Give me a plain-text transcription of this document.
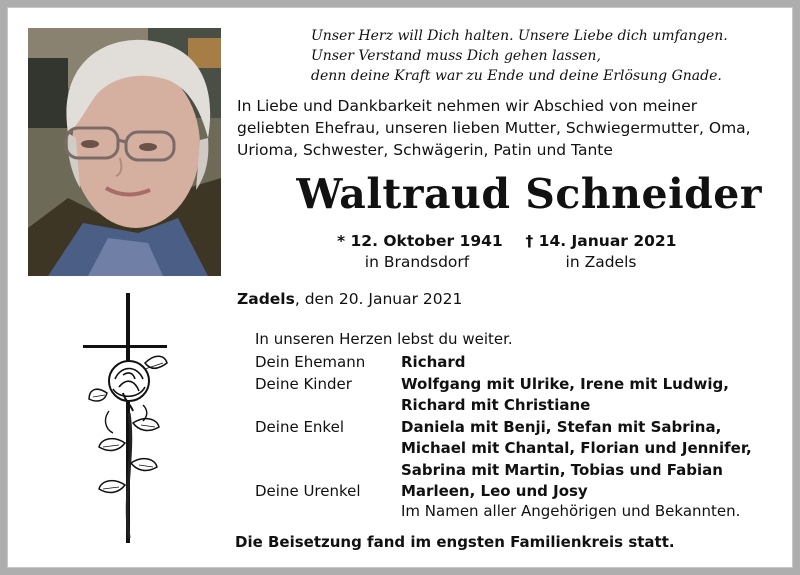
Unser Herz will Dich halten. Unsere Liebe dich umfangen.
Unser Verstand muss Dich gehen lassen,
denn deine Kraft war zu Ende und deine Erlösung Gnade.
In Liebe und Dankbarkeit nehmen wir Abschied von meiner
geliebten Ehefrau, unseren lieben Mutter, Schwiegermutter, Oma,
Urioma, Schwester, Schwägerin, Patin und Tante
Waltraud Schneider
* 12. Oktober 1941
in Brandsdorf
† 14. Januar 2021
in Zadels
Zadels, den 20. Januar 2021
In unseren Herzen lebst du weiter.
Dein Ehemann	Richard
Deine Kinder	Wolfgang mit Ulrike, Irene mit Ludwig,
Richard mit Christiane
Deine Enkel	Daniela mit Benji, Stefan mit Sabrina,
Michael mit Chantal, Florian und Jennifer,
Sabrina mit Martin, Tobias und Fabian
Deine Urenkel	Marleen, Leo und Josy
Im Namen aller Angehörigen und Bekannten.
Die Beisetzung fand im engsten Familienkreis statt.
